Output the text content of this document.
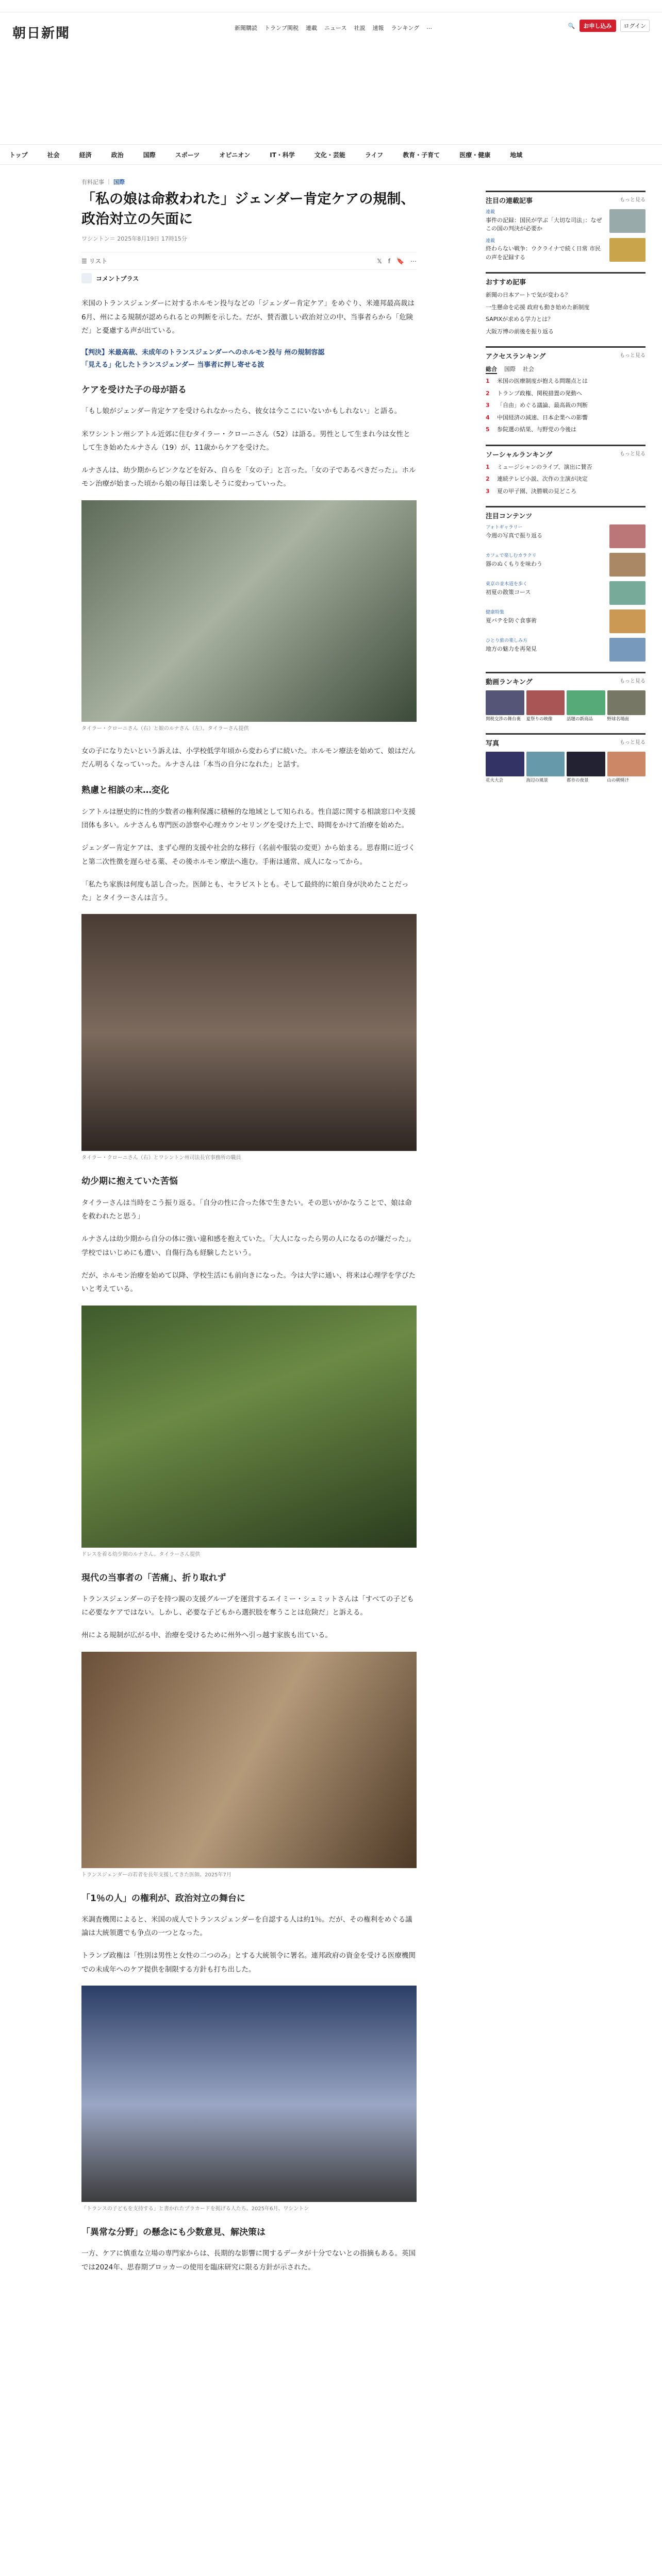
朝日新聞	新聞購読 トランプ関税 連載 ニュース 社説 速報 ランキング …	🔍	お申し込み	ログイン
トップ	社会	経済	政治	国際	スポーツ	オピニオン	IT・科学	文化・芸能	ライフ	教育・子育て	医療・健康	地域
有料記事 ｜ 国際
「私の娘は命救われた」ジェンダー肯定ケアの規制、政治対立の矢面に
ワシントン＝ 2025年8月19日 17時15分
☰ リスト	𝕏 f 🔖 ⋯
コメントプラス

米国のトランスジェンダーに対するホルモン投与などの「ジェンダー肯定ケア」をめぐり、米連邦最高裁は6月、州による規制が認められるとの判断を示した。だが、賛否激しい政治対立の中、当事者らから「危険だ」と憂慮する声が出ている。

【判決】米最高裁、未成年のトランスジェンダーへのホルモン投与 州の規制容認

「見える」化したトランスジェンダー 当事者に押し寄せる波

ケアを受けた子の母が語る

「もし娘がジェンダー肯定ケアを受けられなかったら、彼女は今ここにいないかもしれない」と語る。

米ワシントン州シアトル近郊に住むタイラー・クローニさん（52）は語る。男性として生まれ今は女性として生き始めたルナさん（19）が、11歳からケアを受けた。

ルナさんは、幼少期からピンクなどを好み、自らを「女の子」と言った。「女の子であるべきだった」。ホルモン治療が始まった頃から娘の毎日は楽しそうに変わっていった。

タイラー・クローニさん（右）と娘のルナさん（左）。タイラーさん提供

女の子になりたいという訴えは、小学校低学年頃から変わらずに続いた。ホルモン療法を始めて、娘はだんだん明るくなっていった。ルナさんは「本当の自分になれた」と話す。

熟慮と相談の末…変化

シアトルは歴史的に性的少数者の権利保護に積極的な地域として知られる。性自認に関する相談窓口や支援団体も多い。ルナさんも専門医の診察や心理カウンセリングを受けた上で、時間をかけて治療を始めた。

ジェンダー肯定ケアは、まず心理的支援や社会的な移行（名前や服装の変更）から始まる。思春期に近づくと第二次性徴を遅らせる薬、その後ホルモン療法へ進む。手術は通常、成人になってから。

「私たち家族は何度も話し合った。医師とも、セラピストとも。そして最終的に娘自身が決めたことだった」とタイラーさんは言う。

タイラー・クローニさん（右）とワシントン州司法長官事務所の職員
幼少期に抱えていた苦悩

タイラーさんは当時をこう振り返る。「自分の性に合った体で生きたい。その思いがかなうことで、娘は命を救われたと思う」

ルナさんは幼少期から自分の体に強い違和感を抱えていた。「大人になったら男の人になるのが嫌だった」。学校ではいじめにも遭い、自傷行為も経験したという。

だが、ホルモン治療を始めて以降、学校生活にも前向きになった。今は大学に通い、将来は心理学を学びたいと考えている。

ドレスを着る幼少期のルナさん。タイラーさん提供
現代の当事者の「苦痛」、折り取れず

トランスジェンダーの子を持つ親の支援グループを運営するエイミー・シュミットさんは「すべての子どもに必要なケアではない。しかし、必要な子どもから選択肢を奪うことは危険だ」と訴える。

州による規制が広がる中、治療を受けるために州外へ引っ越す家族も出ている。

トランスジェンダーの若者を長年支援してきた医師。2025年7月
「1％の人」の権利が、政治対立の舞台に

米調査機関によると、米国の成人でトランスジェンダーを自認する人は約1％。だが、その権利をめぐる議論は大統領選でも争点の一つとなった。

トランプ政権は「性別は男性と女性の二つのみ」とする大統領令に署名。連邦政府の資金を受ける医療機関での未成年へのケア提供を制限する方針も打ち出した。

「トランスの子どもを支持する」と書かれたプラカードを掲げる人たち。2025年6月、ワシントン
「異常な分野」の懸念にも少数意見、解決策は

一方、ケアに慎重な立場の専門家からは、長期的な影響に関するデータが十分でないとの指摘もある。英国では2024年、思春期ブロッカーの使用を臨床研究に限る方針が示された。

注目の連載記事	もっと見る
連載
事件の記録：国民が学ぶ「大切な司法」：なぜこの国の判決が必要か
連載
終わらない戦争：ウクライナで続く日常 市民の声を記録する
おすすめ記事
新聞の日本アートで気が変わる？
一生懸命を応援 政府も動き始めた新制度
SAPIXが求める学力とは？
大阪万博の前後を振り返る
アクセスランキング	もっと見る
総合 国際 社会
1	米国の医療制度が抱える問題点とは
2	トランプ政権、関税措置の発動へ
3	「自由」めぐる議論、最高裁の判断
4	中国経済の減速、日本企業への影響
5	参院選の結果、与野党の今後は
ソーシャルランキング	もっと見る
1	ミュージシャンのライブ、演出に賛否
2	連続テレビ小説、次作の主演が決定
3	夏の甲子園、決勝戦の見どころ
注目コンテンツ
フォトギャラリー
今週の写真で振り返る
カフェで楽しむカラクリ
器のぬくもりを味わう
東京の並木道を歩く
初夏の散策コース
健康特集
夏バテを防ぐ食事術
ひとり旅の楽しみ方
地方の魅力を再発見
動画ランキング	もっと見る
関税交渉の舞台裏	夏祭りの映像	話題の新商品	野球名場面
写真	もっと見る
花火大会	海辺の風景	都市の夜景	山の朝焼け
